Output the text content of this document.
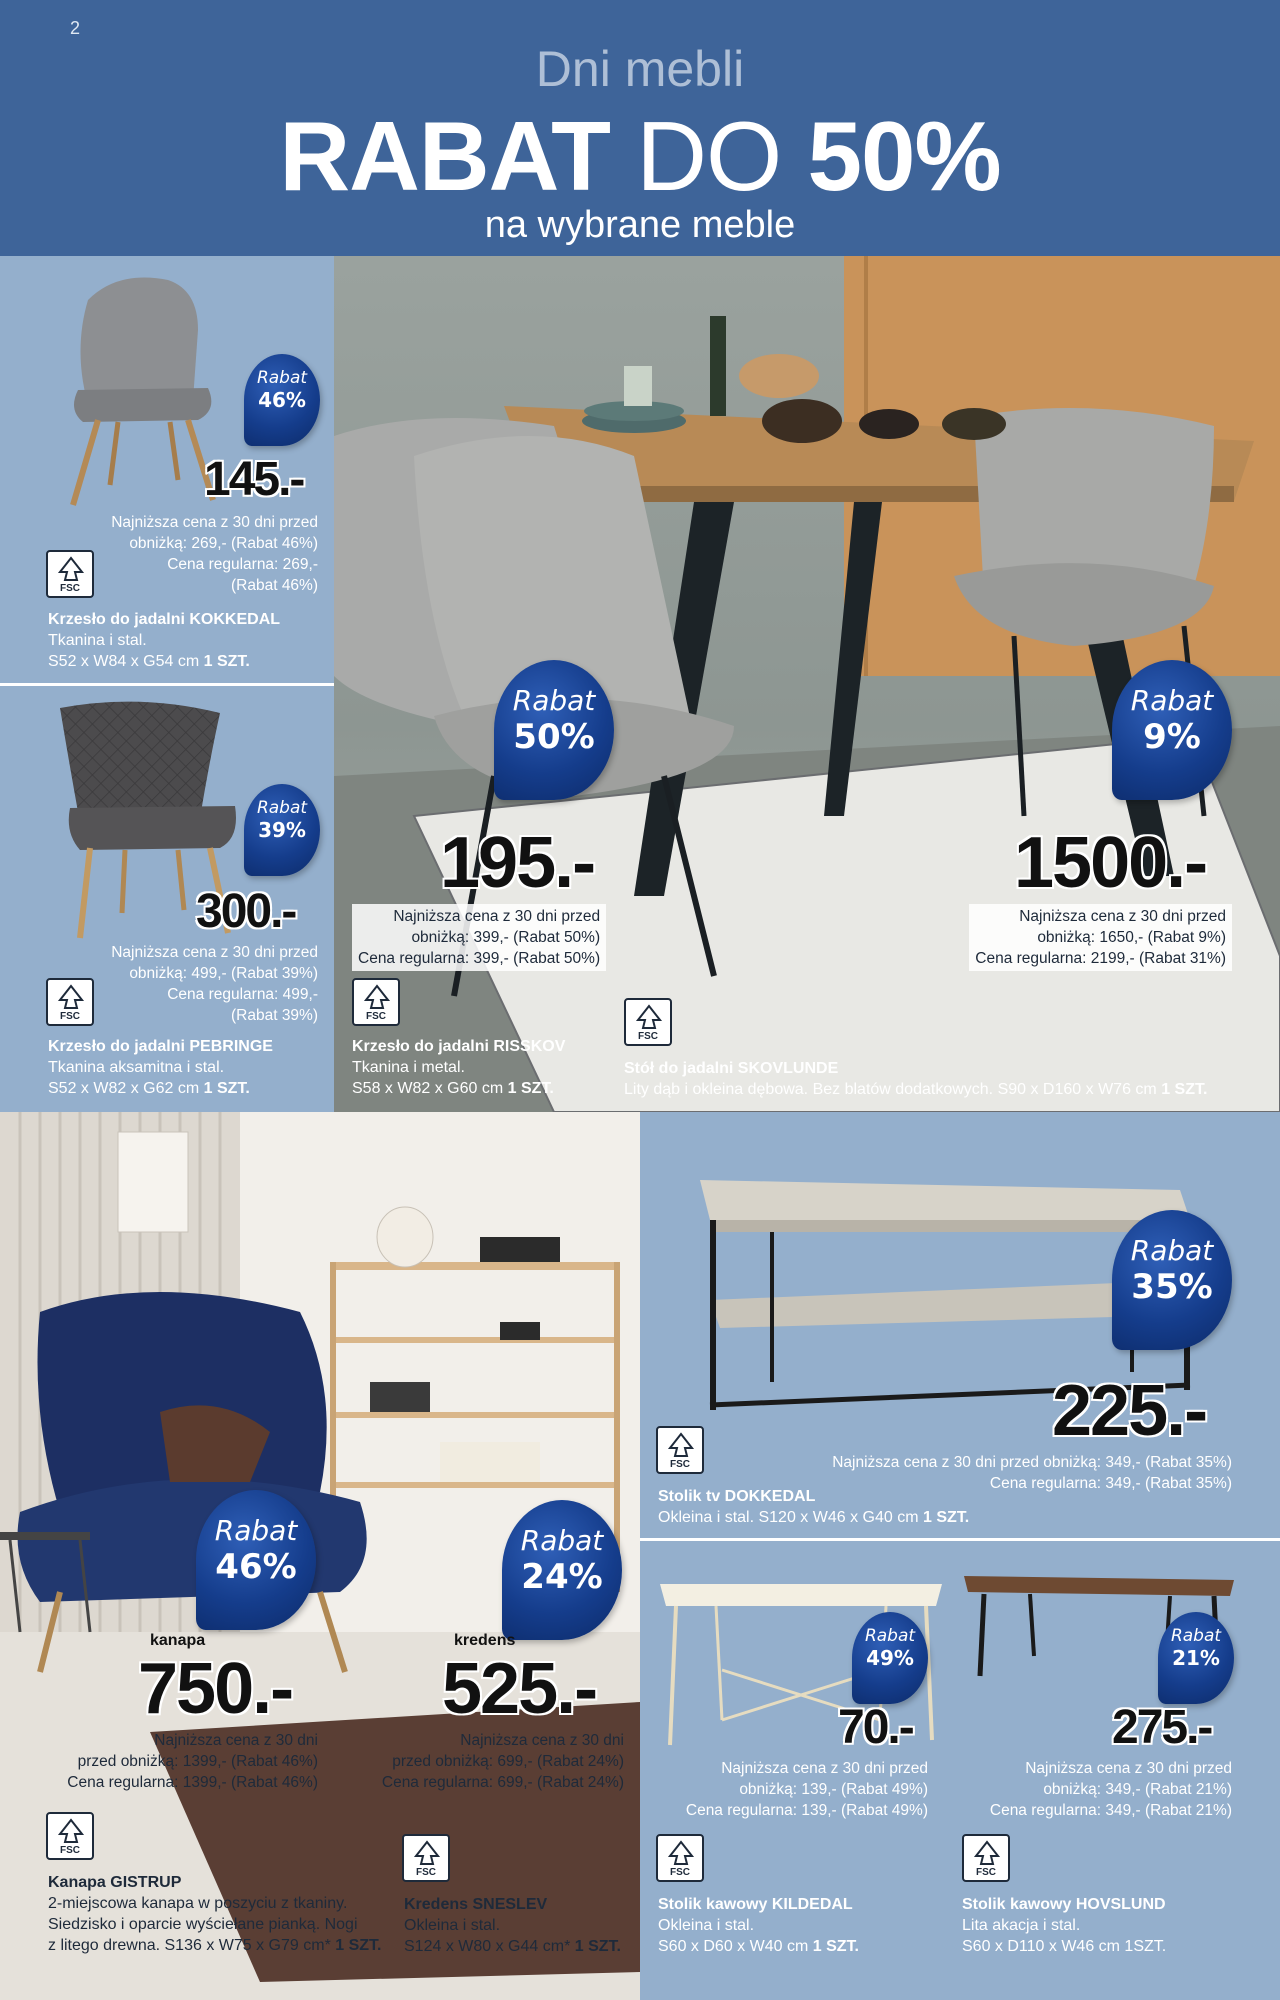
2
Dni mebli
RABAT DO 50%
na wybrane meble
Rabat
46%
145.-
Najniższa cena z 30 dni przed
obniżką: 269,- (Rabat 46%)
Cena regularna: 269,-
(Rabat 46%)
FSC
Krzesło do jadalni KOKKEDAL
Tkanina i stal.
S52 x W84 x G54 cm 1 SZT.
Rabat
39%
300.-
Najniższa cena z 30 dni przed
obniżką: 499,- (Rabat 39%)
Cena regularna: 499,-
(Rabat 39%)
FSC
Krzesło do jadalni PEBRINGE
Tkanina aksamitna i stal.
S52 x W82 x G62 cm 1 SZT.
Rabat
50%
195.-
Najniższa cena z 30 dni przed
obniżką: 399,- (Rabat 50%)
Cena regularna: 399,- (Rabat 50%)
FSC
Krzesło do jadalni RISSKOV
Tkanina i metal.
S58 x W82 x G60 cm 1 SZT.
Rabat
9%
1500.-
Najniższa cena z 30 dni przed
obniżką: 1650,- (Rabat 9%)
Cena regularna: 2199,- (Rabat 31%)
FSC
Stół do jadalni SKOVLUNDE
Lity dąb i okleina dębowa. Bez blatów dodatkowych. S90 x D160 x W76 cm 1 SZT.
Rabat
46%
kanapa
750.-
Najniższa cena z 30 dni
przed obniżką: 1399,- (Rabat 46%)
Cena regularna: 1399,- (Rabat 46%)
FSC
Kanapa GISTRUP
2-miejscowa kanapa w poszyciu z tkaniny.
Siedzisko i oparcie wyściełane pianką. Nogi
z litego drewna. S136 x W75 x G79 cm* 1 SZT.
Rabat
24%
kredens
525.-
Najniższa cena z 30 dni
przed obniżką: 699,- (Rabat 24%)
Cena regularna: 699,- (Rabat 24%)
FSC
Kredens SNESLEV
Okleina i stal.
S124 x W80 x G44 cm* 1 SZT.
Rabat
35%
225.-
Najniższa cena z 30 dni przed obniżką: 349,- (Rabat 35%)
Cena regularna: 349,- (Rabat 35%)
FSC
Stolik tv DOKKEDAL
Okleina i stal. S120 x W46 x G40 cm 1 SZT.
Rabat
49%
70.-
Najniższa cena z 30 dni przed
obniżką: 139,- (Rabat 49%)
Cena regularna: 139,- (Rabat 49%)
FSC
Stolik kawowy KILDEDAL
Okleina i stal.
S60 x D60 x W40 cm 1 SZT.
Rabat
21%
275.-
Najniższa cena z 30 dni przed
obniżką: 349,- (Rabat 21%)
Cena regularna: 349,- (Rabat 21%)
FSC
Stolik kawowy HOVSLUND
Lita akacja i stal.
S60 x D110 x W46 cm 1SZT.
